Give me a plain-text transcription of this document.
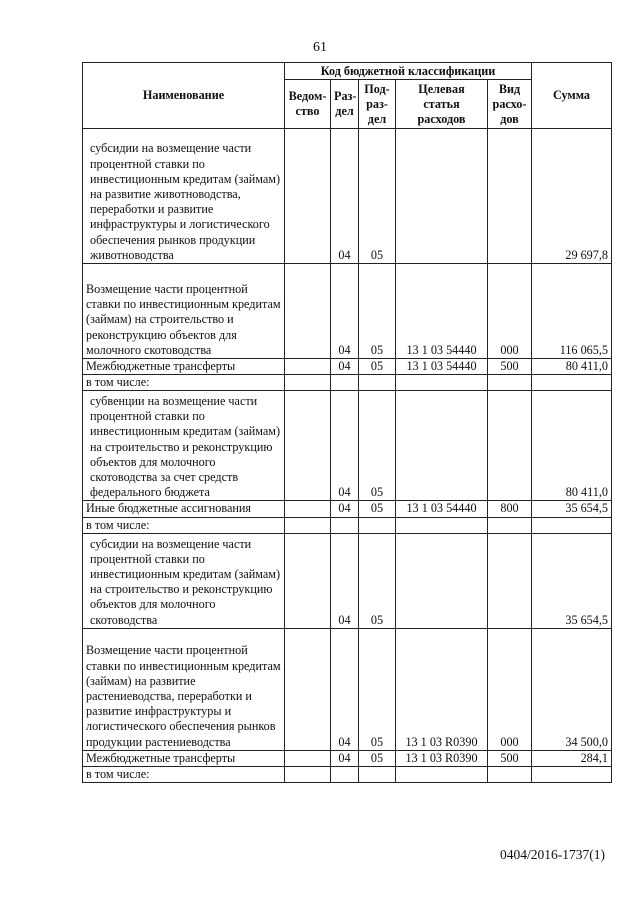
61
Наименование	Код бюджетной классификации					Сумма
	Ведом-ство	Раз-дел	Под-раз-дел	Целевая статья расходов	Вид расхо-дов	
субсидии на возмещение части процентной ставки по инвестиционным кредитам (займам) на развитие животноводства, переработки и развитие инфраструктуры и логистического обеспечения рынков продукции животноводства		04	05			29 697,8
Возмещение части процентной ставки по инвестиционным кредитам (займам) на строительство и реконструкцию объектов для молочного скотоводства		04	05	13 1 03 54440	000	116 065,5
Межбюджетные трансферты		04	05	13 1 03 54440	500	80 411,0
в том числе:						
субвенции на возмещение части процентной ставки по инвестиционным кредитам (займам) на строительство и реконструкцию объектов для молочного скотоводства за счет средств федерального бюджета		04	05			80 411,0
Иные бюджетные ассигнования		04	05	13 1 03 54440	800	35 654,5
в том числе:						
субсидии на возмещение части процентной ставки по инвестиционным кредитам (займам) на строительство и реконструкцию объектов для молочного скотоводства		04	05			35 654,5
Возмещение части процентной ставки по инвестиционным кредитам (займам) на развитие растениеводства, переработки и развитие инфраструктуры и логистического обеспечения рынков продукции растениеводства		04	05	13 1 03 R0390	000	34 500,0
Межбюджетные трансферты		04	05	13 1 03 R0390	500	284,1
в том числе:						
0404/2016-1737(1)
